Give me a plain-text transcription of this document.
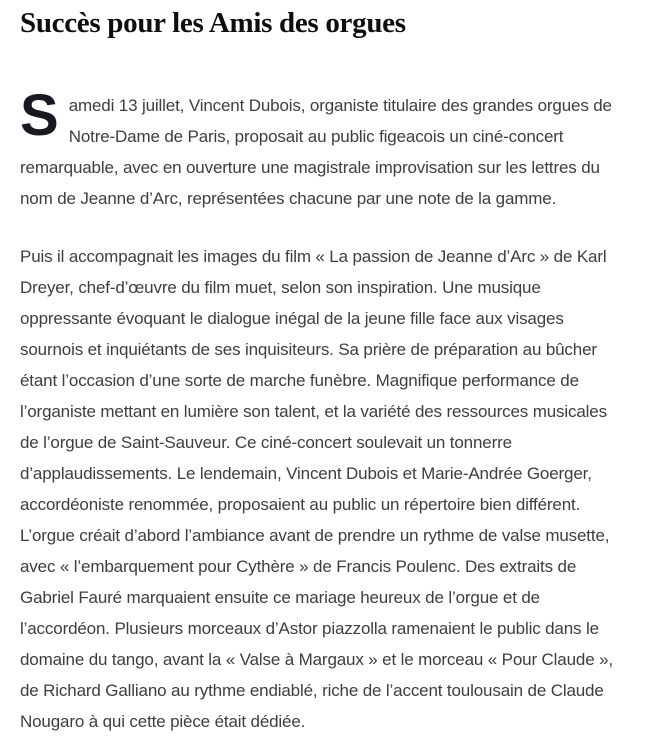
Succès pour les Amis des orgues

Samedi 13 juillet, Vincent Dubois, organiste titulaire des grandes orgues de Notre-Dame de Paris, proposait au public figeacois un ciné-concert remarquable, avec en ouverture une magistrale improvisation sur les lettres du nom de Jeanne d’Arc, représentées chacune par une note de la gamme.

Puis il accompagnait les images du film « La passion de Jeanne d’Arc » de Karl Dreyer, chef-d’œuvre du film muet, selon son inspiration. Une musique oppressante évoquant le dialogue inégal de la jeune fille face aux visages sournois et inquiétants de ses inquisiteurs. Sa prière de préparation au bûcher étant l’occasion d’une sorte de marche funèbre. Magnifique performance de l’organiste mettant en lumière son talent, et la variété des ressources musicales de l’orgue de Saint-Sauveur. Ce ciné-concert soulevait un tonnerre d’applaudissements. Le lendemain, Vincent Dubois et Marie-Andrée Goerger, accordéoniste renommée, proposaient au public un répertoire bien différent. L’orgue créait d’abord l’ambiance avant de prendre un rythme de valse musette, avec « l’embarquement pour Cythère » de Francis Poulenc. Des extraits de Gabriel Fauré marquaient ensuite ce mariage heureux de l’orgue et de l’accordéon. Plusieurs morceaux d’Astor piazzolla ramenaient le public dans le domaine du tango, avant la « Valse à Margaux » et le morceau « Pour Claude », de Richard Galliano au rythme endiablé, riche de l’accent toulousain de Claude Nougaro à qui cette pièce était dédiée.
